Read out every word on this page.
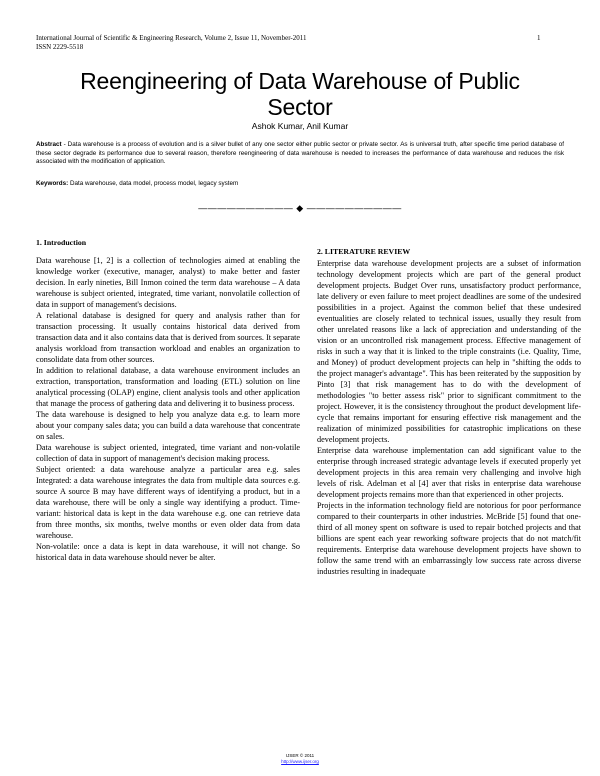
International Journal of Scientific & Engineering Research, Volume 2, Issue 11, November-2011
ISSN 2229-5518
1
Reengineering of Data Warehouse of Public
Sector
Ashok Kumar, Anil Kumar
Abstract - Data warehouse is a process of evolution and is a silver bullet of any one sector either public sector or private sector. As is universal truth, after specific time period database of these sector degrade its performance due to several reason, therefore reengineering of data warehouse is needed to increases the performance of data warehouse and reduces the risk associated with the modification of application.
Keywords: Data warehouse, data model, process model, legacy system
—————————— ◆ ——————————
1. Introduction

Data warehouse [1, 2] is a collection of technologies aimed at enabling the knowledge worker (executive, manager, analyst) to make better and faster decision. In early nineties, Bill Inmon coined the term data warehouse – A data warehouse is subject oriented, integrated, time variant, nonvolatile collection of data in support of management's decisions.

A relational database is designed for query and analysis rather than for transaction processing. It usually contains historical data derived from transaction data and it also contains data that is derived from sources. It separate analysis workload from transaction workload and enables an organization to consolidate data from other sources.

In addition to relational database, a data warehouse environment includes an extraction, transportation, transformation and loading (ETL) solution on line analytical processing (OLAP) engine, client analysis tools and other application that manage the process of gathering data and delivering it to business process.

The data warehouse is designed to help you analyze data e.g. to learn more about your company sales data; you can build a data warehouse that concentrate on sales.

Data warehouse is subject oriented, integrated, time variant and non-volatile collection of data in support of management's decision making process.

Subject oriented: a data warehouse analyze a particular area e.g. sales Integrated: a data warehouse integrates the data from multiple data sources e.g. source A source B may have different ways of identifying a product, but in a data warehouse, there will be only a single way identifying a product. Time-variant: historical data is kept in the data warehouse e.g. one can retrieve data from three months, six months, twelve months or even older data from data warehouse.

Non-volatile: once a data is kept in data warehouse, it will not change. So historical data in data warehouse should never be alter.

2. LITERATURE REVIEW

Enterprise data warehouse development projects are a subset of information technology development projects which are part of the general product development projects. Budget Over runs, unsatisfactory product performance, late delivery or even failure to meet project deadlines are some of the undesired possibilities in a project. Against the common belief that these undesired eventualities are closely related to technical issues, usually they result from other unrelated reasons like a lack of appreciation and understanding of the vision or an uncontrolled risk management process. Effective management of risks in such a way that it is linked to the triple constraints (i.e. Quality, Time, and Money) of product development projects can help in "shifting the odds to the project manager's advantage". This has been reiterated by the supposition by Pinto [3] that risk management has to do with the development of methodologies "to better assess risk" prior to significant commitment to the project. However, it is the consistency throughout the product development life-cycle that remains important for ensuring effective risk management and the realization of minimized possibilities for catastrophic implications on these development projects.

Enterprise data warehouse implementation can add significant value to the enterprise through increased strategic advantage levels if executed properly yet development projects in this area remain very challenging and involve high levels of risk. Adelman et al [4] aver that risks in enterprise data warehouse development projects remains more than that experienced in other projects.

Projects in the information technology field are notorious for poor performance compared to their counterparts in other industries. McBride [5] found that one-third of all money spent on software is used to repair botched projects and that billions are spent each year reworking software projects that do not match/fit requirements. Enterprise data warehouse development projects have shown to follow the same trend with an embarrassingly low success rate across diverse industries resulting in inadequate

IJSER © 2011
http://www.ijser.org
